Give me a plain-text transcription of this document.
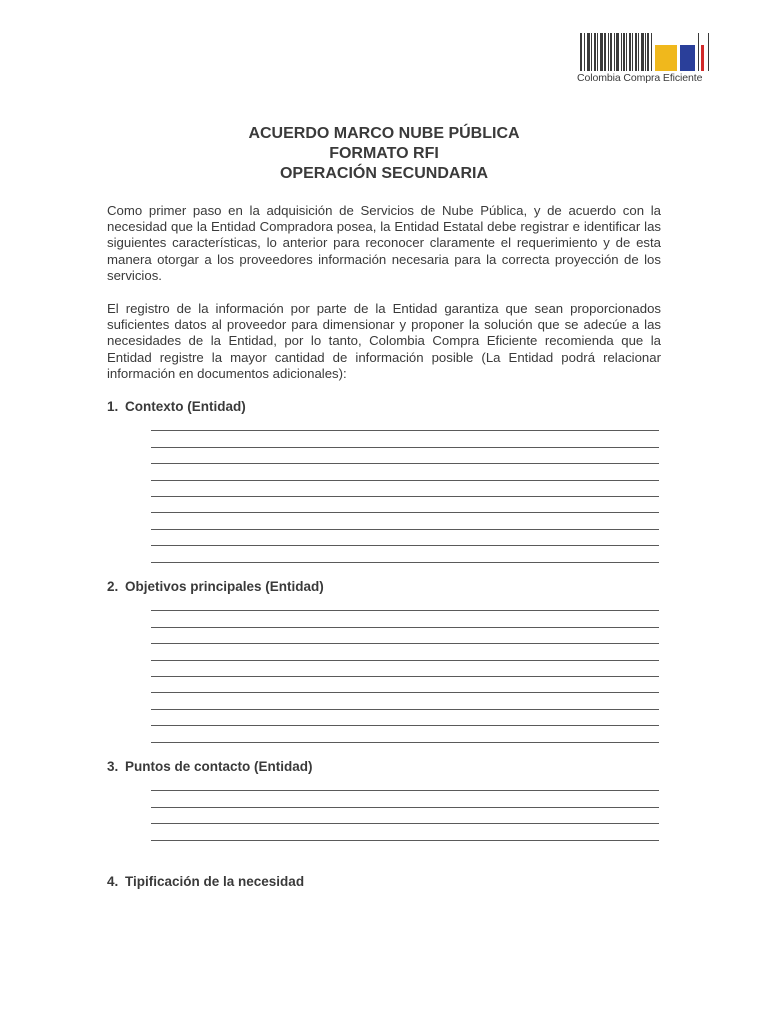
Colombia Compra Eficiente
ACUERDO MARCO NUBE PÚBLICA
FORMATO RFI
OPERACIÓN SECUNDARIA
Como primer paso en la adquisición de Servicios de Nube Pública, y de acuerdo con la necesidad que la Entidad Compradora posea, la Entidad Estatal debe registrar e identificar las siguientes características, lo anterior para reconocer claramente el requerimiento y de esta manera otorgar a los proveedores información necesaria para la correcta proyección de los servicios.
El registro de la información por parte de la Entidad garantiza que sean proporcionados suficientes datos al proveedor para dimensionar y proponer la solución que se adecúe a las necesidades de la Entidad, por lo tanto, Colombia Compra Eficiente recomienda que la Entidad registre la mayor cantidad de información posible (La Entidad podrá relacionar información en documentos adicionales):
1. Contexto (Entidad)
2. Objetivos principales (Entidad)
3. Puntos de contacto (Entidad)
4. Tipificación de la necesidad
